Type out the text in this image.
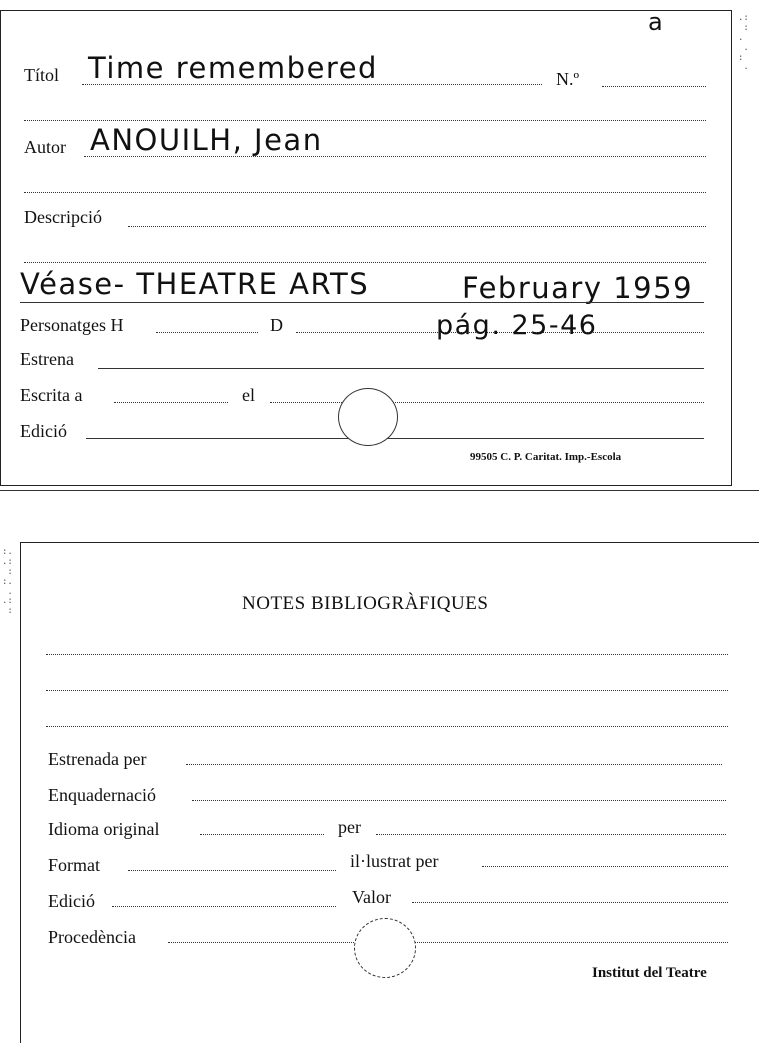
.:
:
.
.
:
.
a
Títol Time remembered	N.º
Autor ANOUILH, Jean
Descripció
Véase- THEATRE ARTS	February 1959
Personatges H	D	pág. 25-46
Estrena
Escrita a	el
Edició
99505 C. P. Caritat. Imp.-Escola
:.
.:
:
:.
.
.:
:	NOTES BIBLIOGRÀFIQUES
Estrenada per
Enquadernació
Idioma original	per
Format	il·lustrat per
Edició	Valor
Procedència
Institut del Teatre
